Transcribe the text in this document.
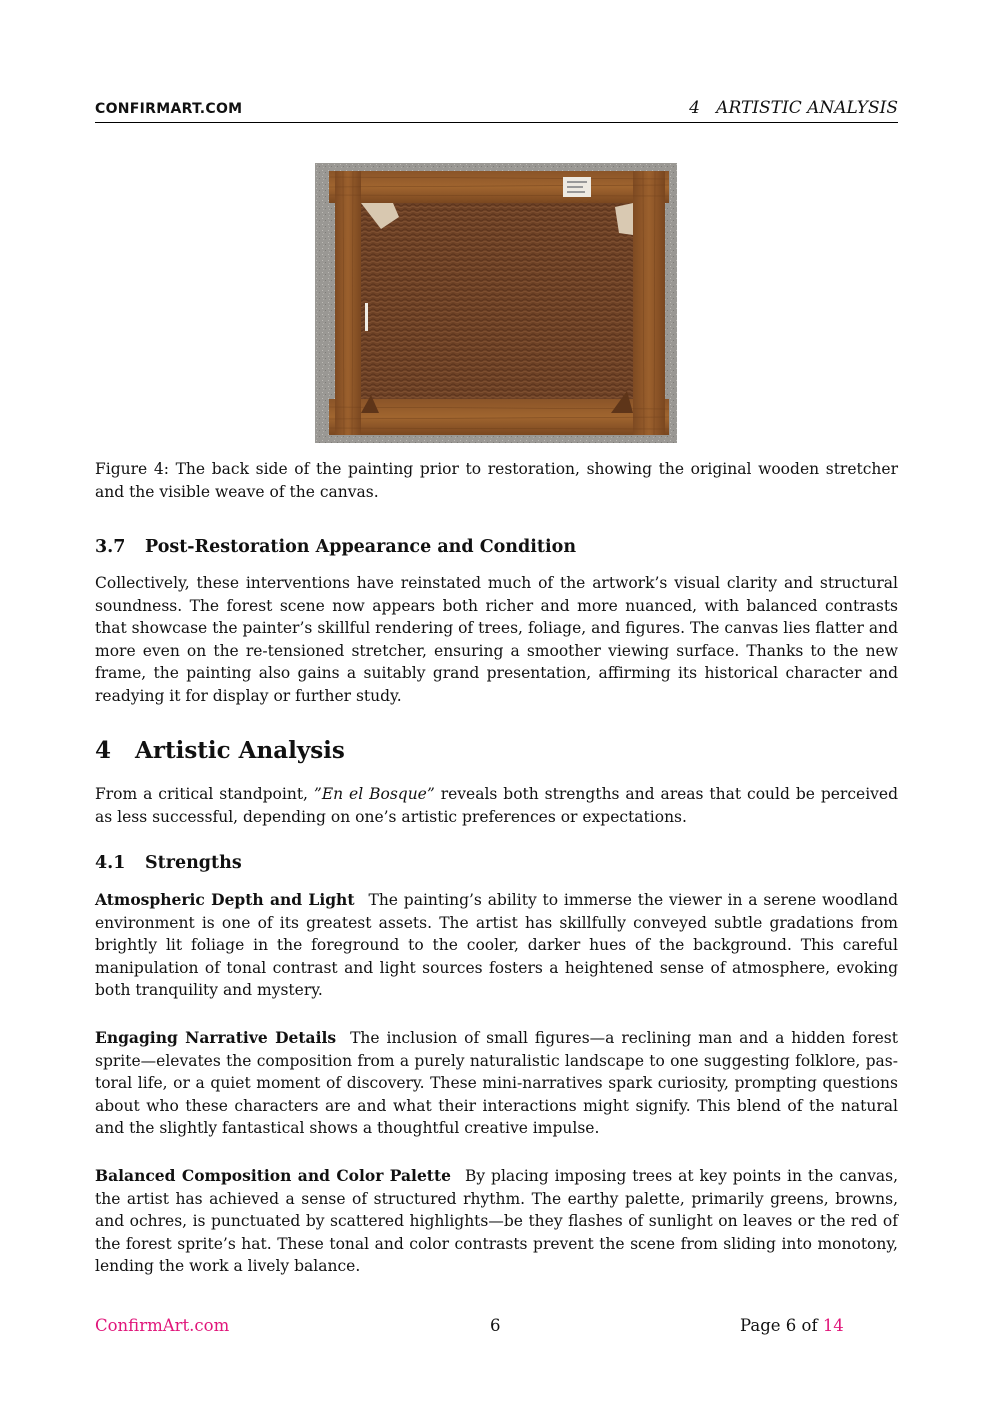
CONFIRMART.COM	4   ARTISTIC ANALYSIS
Figure 4: The back side of the painting prior to restoration, showing the original wooden stretcher and the visible weave of the canvas.
3.7 Post-Restoration Appearance and Condition
Collectively, these interventions have reinstated much of the artwork’s visual clarity and structural soundness. The forest scene now appears both richer and more nuanced, with balanced contrasts that showcase the painter’s skillful rendering of trees, foliage, and figures. The canvas lies flatter and more even on the re-tensioned stretcher, ensuring a smoother viewing surface. Thanks to the new frame, the painting also gains a suitably grand presentation, affirming its historical character and readying it for display or further study.
4 Artistic Analysis
From a critical standpoint, ”En el Bosque” reveals both strengths and areas that could be perceived as less successful, depending on one’s artistic preferences or expectations.
4.1 Strengths
Atmospheric Depth and Light The painting’s ability to immerse the viewer in a serene woodland environment is one of its greatest assets. The artist has skillfully conveyed subtle gradations from brightly lit foliage in the foreground to the cooler, darker hues of the background. This careful manipulation of tonal contrast and light sources fosters a heightened sense of atmosphere, evoking both tranquility and mystery.
Engaging Narrative Details The inclusion of small figures—a reclining man and a hidden forest sprite—elevates the composition from a purely naturalistic landscape to one suggesting folklore, pastoral life, or a quiet moment of discovery. These mini-narratives spark curiosity, prompting questions about who these characters are and what their interactions might signify. This blend of the natural and the slightly fantastical shows a thoughtful creative impulse.
Balanced Composition and Color Palette By placing imposing trees at key points in the canvas, the artist has achieved a sense of structured rhythm. The earthy palette, primarily greens, browns, and ochres, is punctuated by scattered highlights—be they flashes of sunlight on leaves or the red of the forest sprite’s hat. These tonal and color contrasts prevent the scene from sliding into monotony, lending the work a lively balance.
ConfirmArt.com	6	Page 6 of 14
